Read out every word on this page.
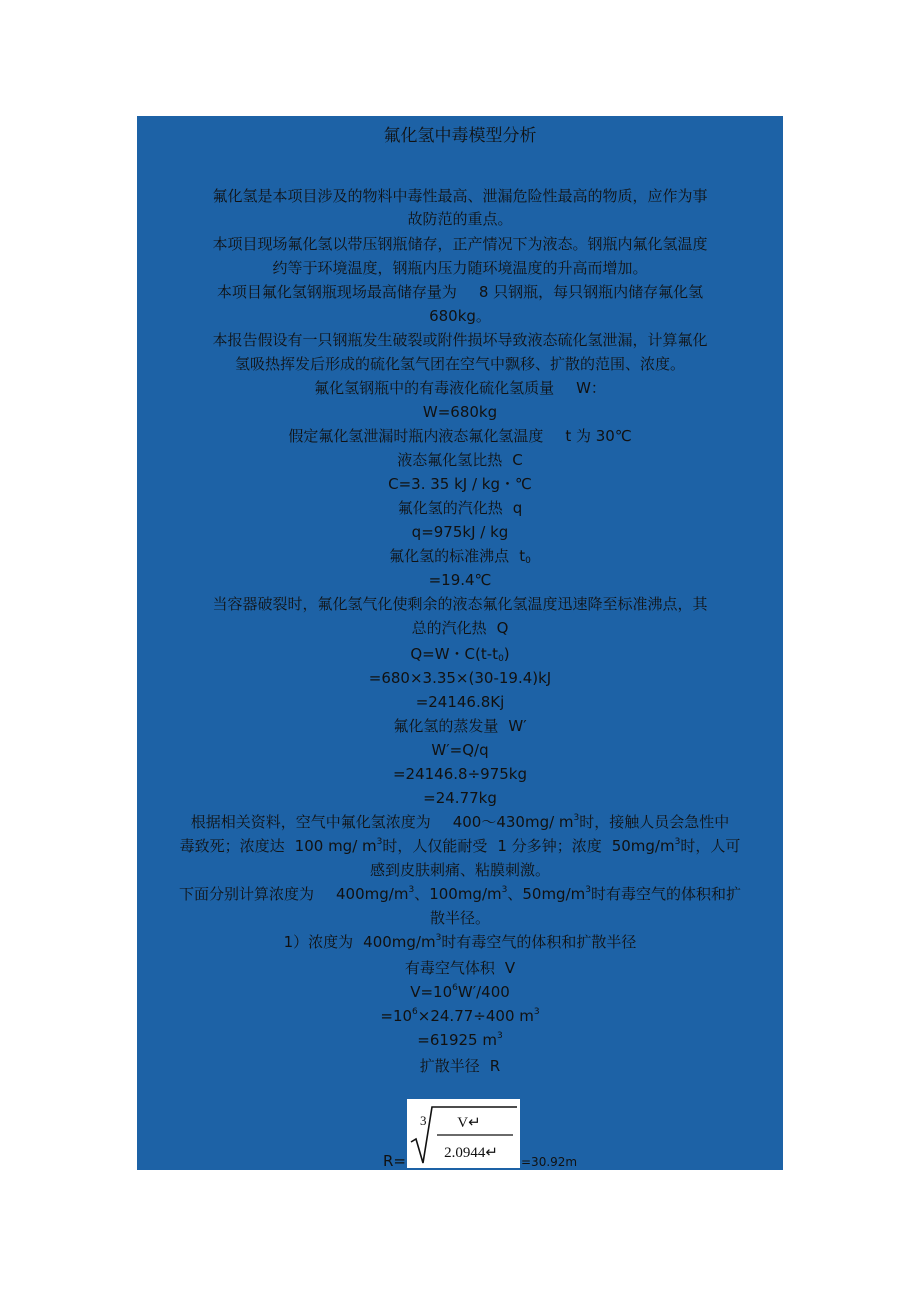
氟化氢中毒模型分析
氟化氢是本项目涉及的物料中毒性最高、泄漏危险性最高的物质，应作为事
故防范的重点。
本项目现场氟化氢以带压钢瓶储存，正产情况下为液态。钢瓶内氟化氢温度
约等于环境温度，钢瓶内压力随环境温度的升高而增加。
本项目氟化氢钢瓶现场最高储存量为 8 只钢瓶，每只钢瓶内储存氟化氢
680kg。
本报告假设有一只钢瓶发生破裂或附件损坏导致液态硫化氢泄漏，计算氟化
氢吸热挥发后形成的硫化氢气团在空气中飘移、扩散的范围、浓度。
氟化氢钢瓶中的有毒液化硫化氢质量 W：
W=680kg
假定氟化氢泄漏时瓶内液态氟化氢温度 t 为 30℃
液态氟化氢比热 C
C=3. 35 kJ / kg・℃
氟化氢的汽化热 q
q=975kJ / kg
氟化氢的标准沸点 $t_0$
=19.4℃
当容器破裂时，氟化氢气化使剩余的液态氟化氢温度迅速降至标准沸点，其
总的汽化热 Q
Q=W・$C(t-t_0)$
=680×3.35×(30-19.4)kJ
=24146.8Kj
氟化氢的蒸发量 W′
W′=Q/q
=24146.8÷975kg
=24.77kg
根据相关资料，空气中氟化氢浓度为 400～430mg/ $m^3$时，接触人员会急性中
毒致死；浓度达 100 mg/ $m^3$时，人仅能耐受 1 分多钟；浓度 $50mg/m^3$时，人可
感到皮肤刺痛、粘膜刺激。
下面分别计算浓度为 $400mg/m^3$、$100mg/m^3$、$50mg/m^3$时有毒空气的体积和扩
散半径。
1）浓度为 $400mg/m^3$时有毒空气的体积和扩散半径
有毒空气体积 V
$V=10^6W'/400$
$=10^6\times 24.77\div 400$ $m^3$
=61925 $m^3$
扩散半径 R
R=
3 V↵
2.0944↵
=30.92m
